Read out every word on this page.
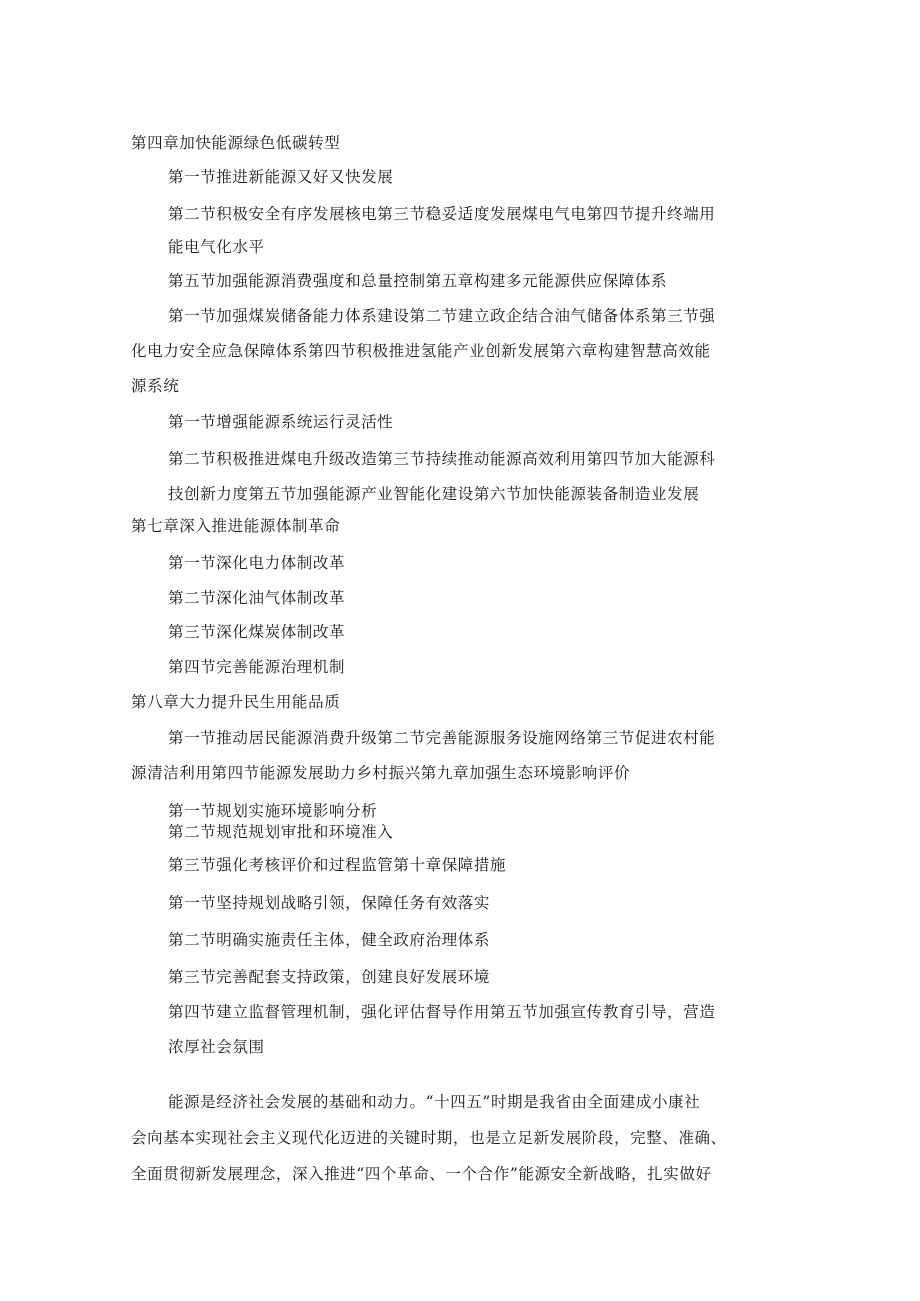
第四章加快能源绿色低碳转型
第一节推进新能源又好又快发展
第二节积极安全有序发展核电第三节稳妥适度发展煤电气电第四节提升终端用
能电气化水平
第五节加强能源消费强度和总量控制第五章构建多元能源供应保障体系
第一节加强煤炭储备能力体系建设第二节建立政企结合油气储备体系第三节强
化电力安全应急保障体系第四节积极推进氢能产业创新发展第六章构建智慧高效能
源系统
第一节增强能源系统运行灵活性
第二节积极推进煤电升级改造第三节持续推动能源高效利用第四节加大能源科
技创新力度第五节加强能源产业智能化建设第六节加快能源装备制造业发展
第七章深入推进能源体制革命
第一节深化电力体制改革
第二节深化油气体制改革
第三节深化煤炭体制改革
第四节完善能源治理机制
第八章大力提升民生用能品质
第一节推动居民能源消费升级第二节完善能源服务设施网络第三节促进农村能
源清洁利用第四节能源发展助力乡村振兴第九章加强生态环境影响评价
第一节规划实施环境影响分析
第二节规范规划审批和环境准入
第三节强化考核评价和过程监管第十章保障措施
第一节坚持规划战略引领，保障任务有效落实
第二节明确实施责任主体，健全政府治理体系
第三节完善配套支持政策，创建良好发展环境
第四节建立监督管理机制，强化评估督导作用第五节加强宣传教育引导，营造
浓厚社会氛围
能源是经济社会发展的基础和动力。“十四五”时期是我省由全面建成小康社
会向基本实现社会主义现代化迈进的关键时期，也是立足新发展阶段，完整、准确、
全面贯彻新发展理念，深入推进“四个革命、一个合作”能源安全新战略，扎实做好
